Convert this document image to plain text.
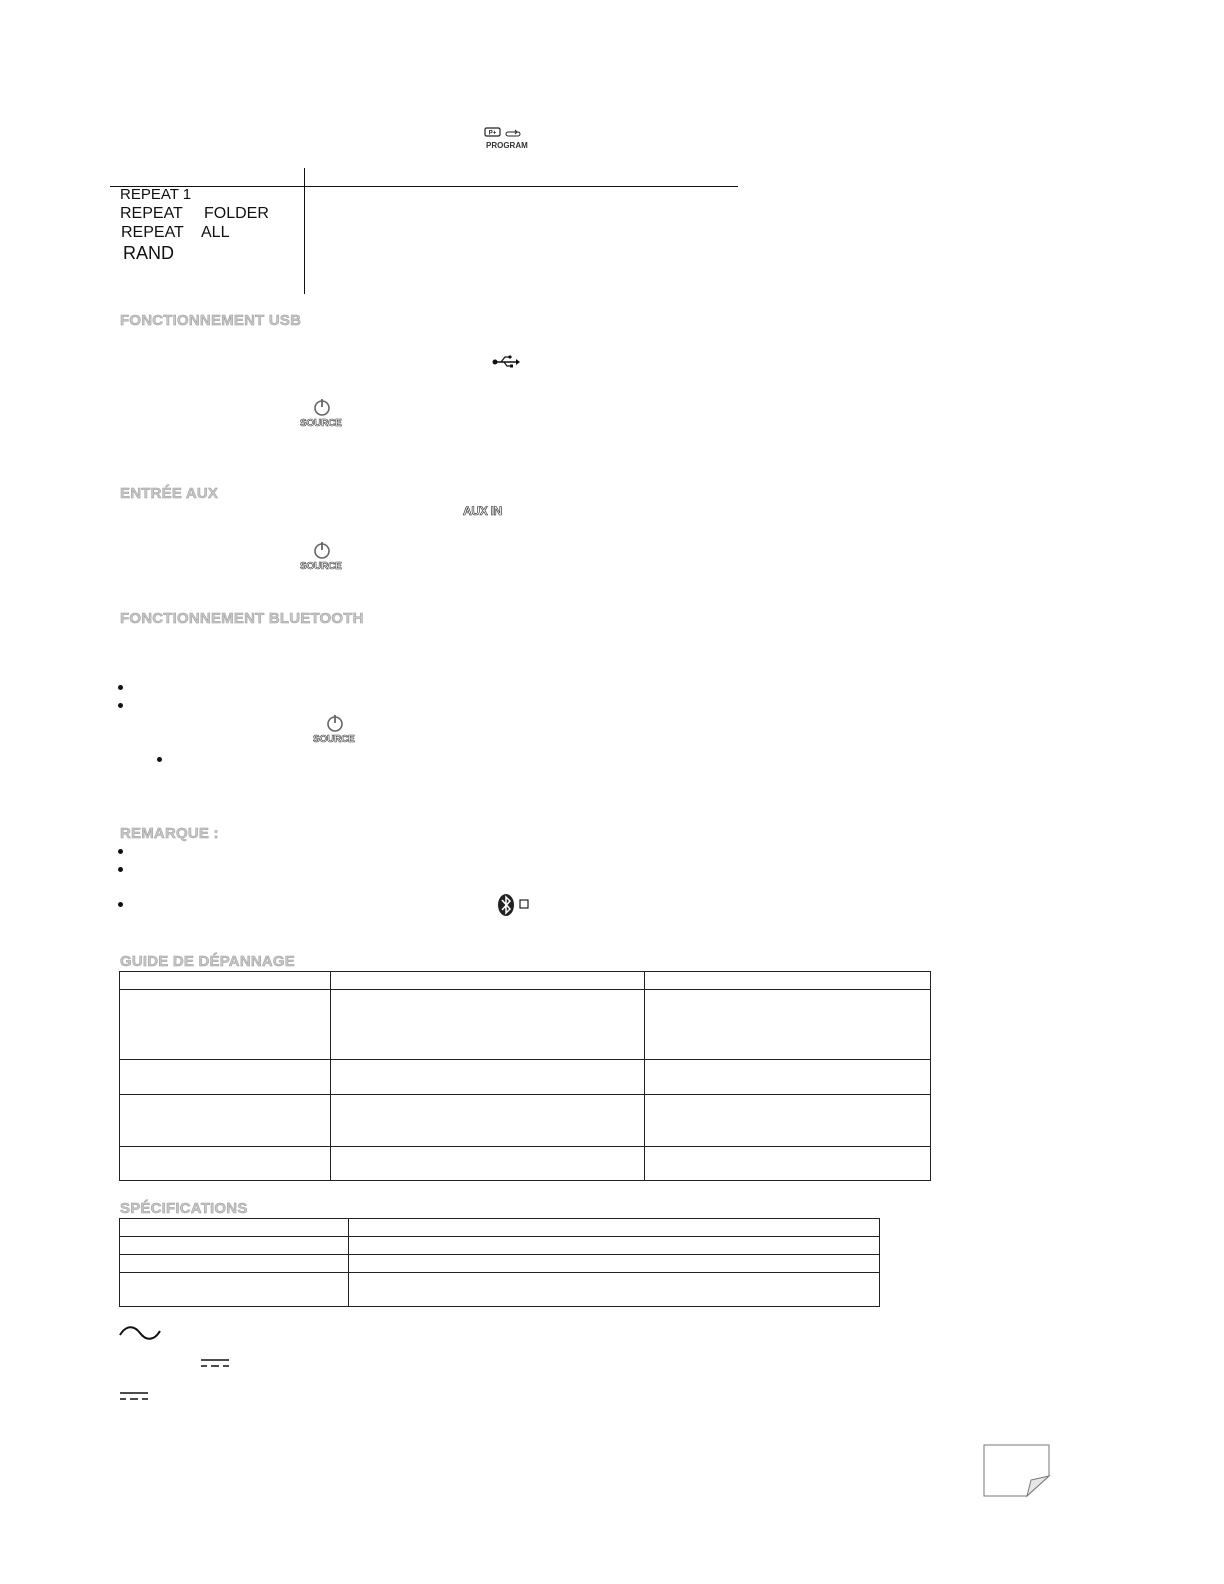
P+
PROGRAM
REPEAT 1
REPEAT FOLDER
REPEAT ALL
RAND
FONCTIONNEMENT USB
SOURCE
ENTRÉE AUX
AUX IN
SOURCE
FONCTIONNEMENT BLUETOOTH
SOURCE
REMARQUE :
GUIDE DE DÉPANNAGE

SPÉCIFICATIONS
